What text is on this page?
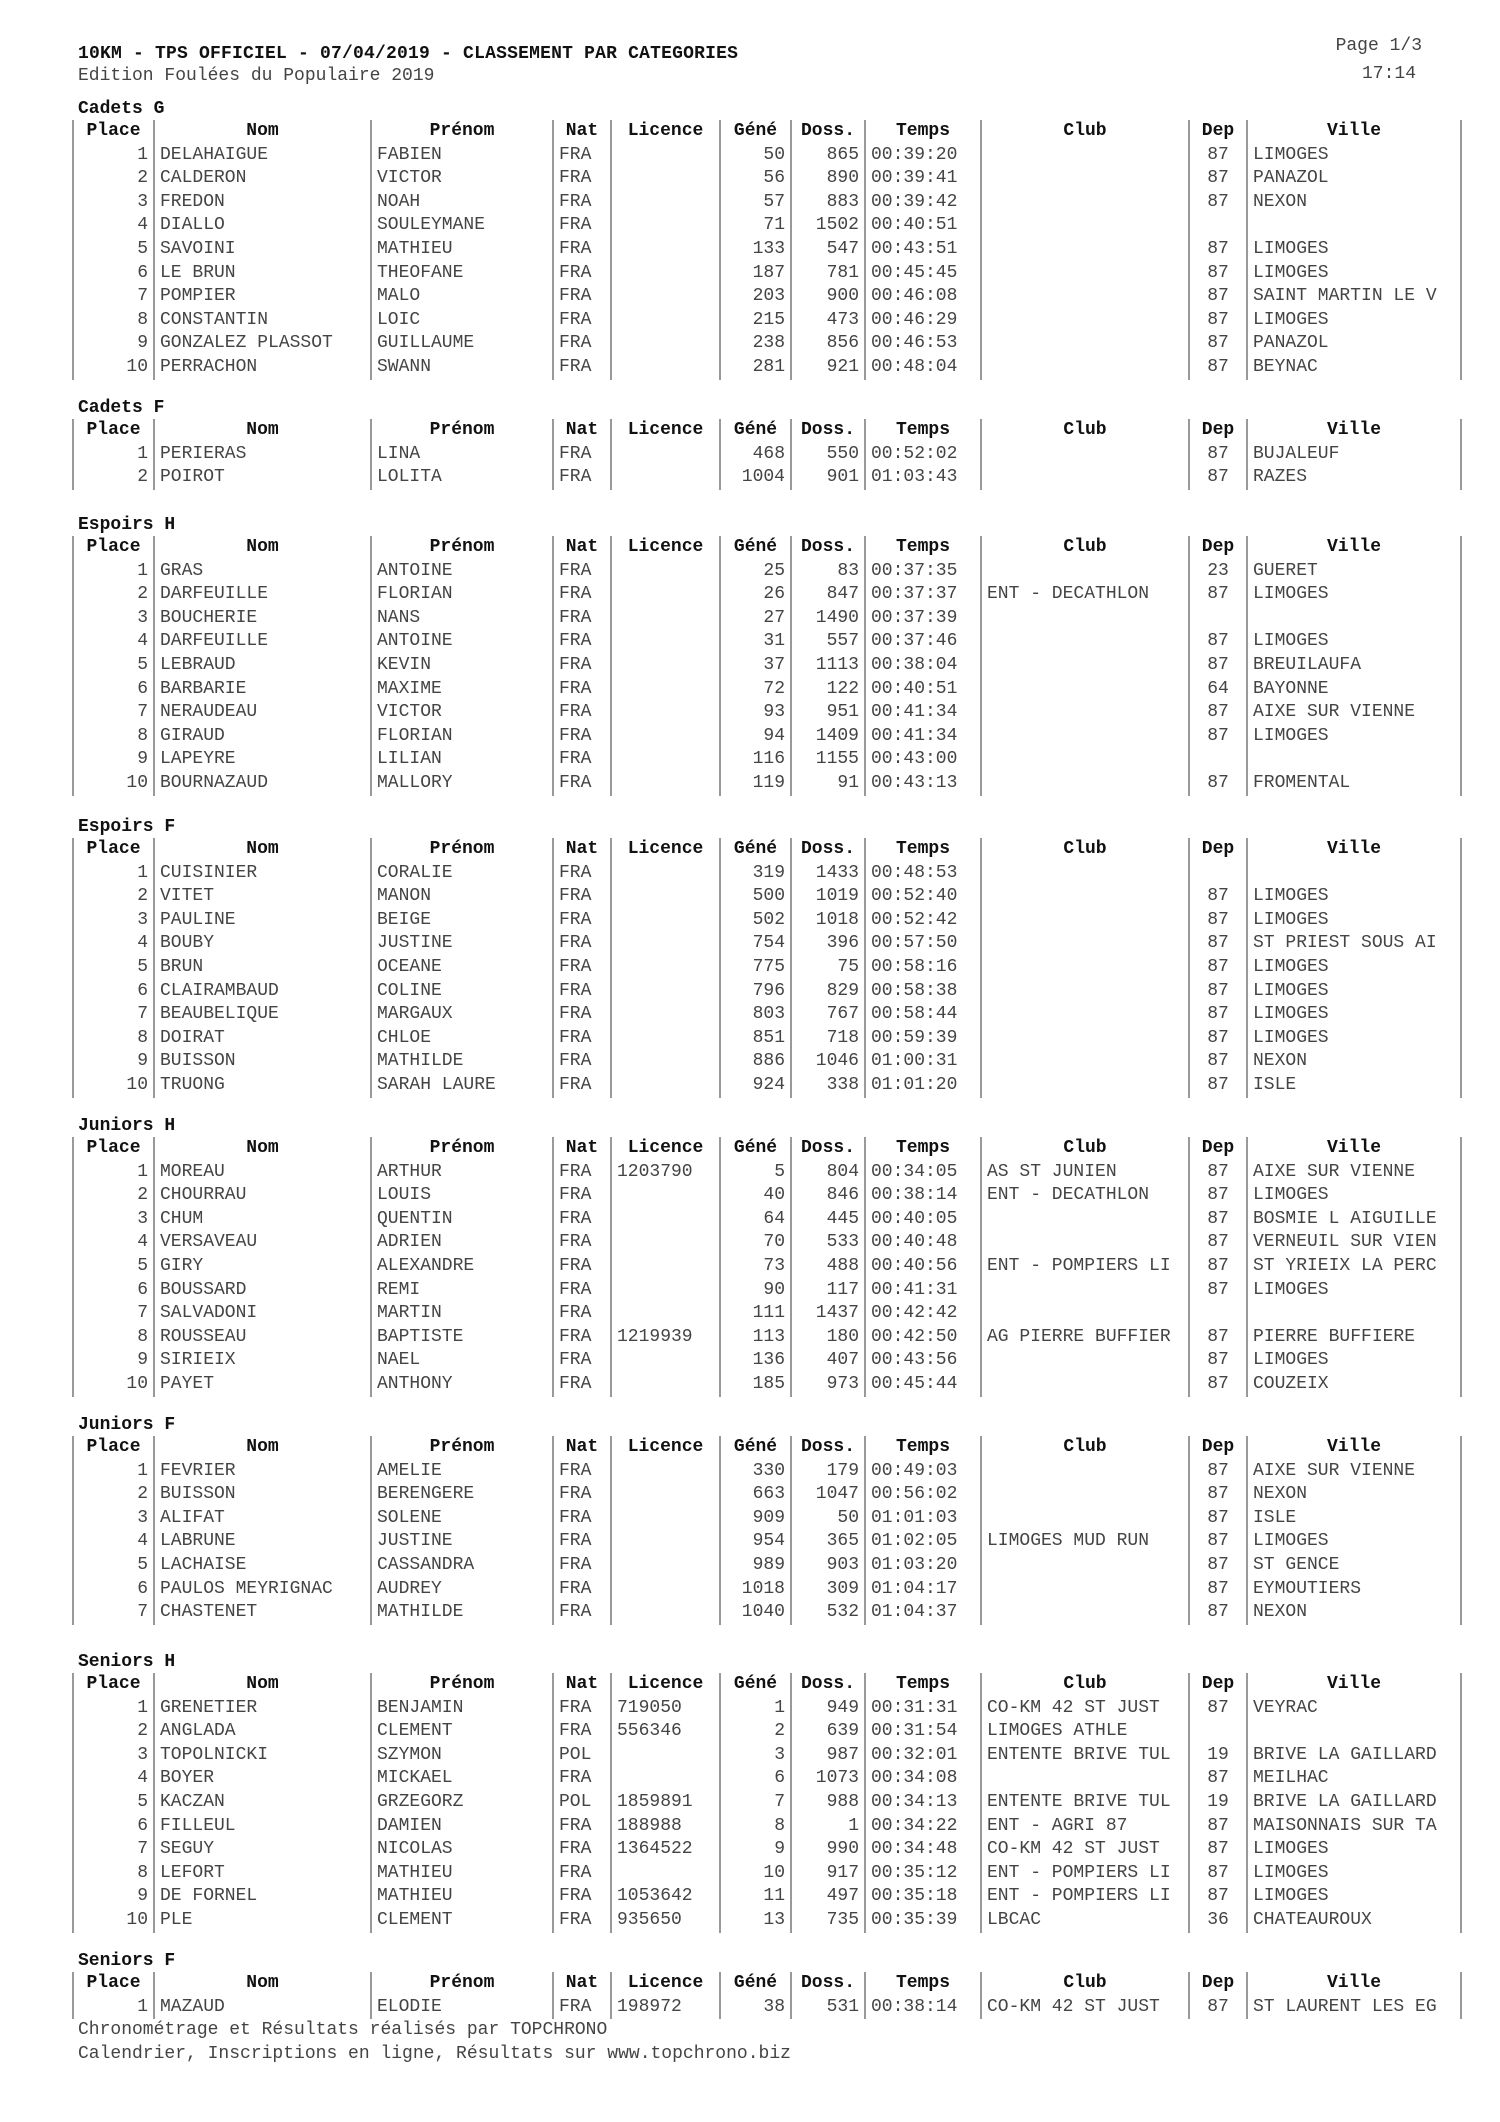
10KM - TPS OFFICIEL - 07/04/2019 - CLASSEMENT PAR CATEGORIES
Edition Foulées du Populaire 2019
Page 1/3
17:14
Cadets G
Place	Nom	Prénom	Nat	Licence	Géné	Doss.	Temps	Club	Dep	Ville
1	DELAHAIGUE	FABIEN	FRA		50	865	00:39:20		87	LIMOGES
2	CALDERON	VICTOR	FRA		56	890	00:39:41		87	PANAZOL
3	FREDON	NOAH	FRA		57	883	00:39:42		87	NEXON
4	DIALLO	SOULEYMANE	FRA		71	1502	00:40:51			
5	SAVOINI	MATHIEU	FRA		133	547	00:43:51		87	LIMOGES
6	LE BRUN	THEOFANE	FRA		187	781	00:45:45		87	LIMOGES
7	POMPIER	MALO	FRA		203	900	00:46:08		87	SAINT MARTIN LE V
8	CONSTANTIN	LOIC	FRA		215	473	00:46:29		87	LIMOGES
9	GONZALEZ PLASSOT	GUILLAUME	FRA		238	856	00:46:53		87	PANAZOL
10	PERRACHON	SWANN	FRA		281	921	00:48:04		87	BEYNAC
Cadets F
Place	Nom	Prénom	Nat	Licence	Géné	Doss.	Temps	Club	Dep	Ville
1	PERIERAS	LINA	FRA		468	550	00:52:02		87	BUJALEUF
2	POIROT	LOLITA	FRA		1004	901	01:03:43		87	RAZES
Espoirs H
Place	Nom	Prénom	Nat	Licence	Géné	Doss.	Temps	Club	Dep	Ville
1	GRAS	ANTOINE	FRA		25	83	00:37:35		23	GUERET
2	DARFEUILLE	FLORIAN	FRA		26	847	00:37:37	ENT - DECATHLON	87	LIMOGES
3	BOUCHERIE	NANS	FRA		27	1490	00:37:39			
4	DARFEUILLE	ANTOINE	FRA		31	557	00:37:46		87	LIMOGES
5	LEBRAUD	KEVIN	FRA		37	1113	00:38:04		87	BREUILAUFA
6	BARBARIE	MAXIME	FRA		72	122	00:40:51		64	BAYONNE
7	NERAUDEAU	VICTOR	FRA		93	951	00:41:34		87	AIXE SUR VIENNE
8	GIRAUD	FLORIAN	FRA		94	1409	00:41:34		87	LIMOGES
9	LAPEYRE	LILIAN	FRA		116	1155	00:43:00			
10	BOURNAZAUD	MALLORY	FRA		119	91	00:43:13		87	FROMENTAL
Espoirs F
Place	Nom	Prénom	Nat	Licence	Géné	Doss.	Temps	Club	Dep	Ville
1	CUISINIER	CORALIE	FRA		319	1433	00:48:53			
2	VITET	MANON	FRA		500	1019	00:52:40		87	LIMOGES
3	PAULINE	BEIGE	FRA		502	1018	00:52:42		87	LIMOGES
4	BOUBY	JUSTINE	FRA		754	396	00:57:50		87	ST PRIEST SOUS AI
5	BRUN	OCEANE	FRA		775	75	00:58:16		87	LIMOGES
6	CLAIRAMBAUD	COLINE	FRA		796	829	00:58:38		87	LIMOGES
7	BEAUBELIQUE	MARGAUX	FRA		803	767	00:58:44		87	LIMOGES
8	DOIRAT	CHLOE	FRA		851	718	00:59:39		87	LIMOGES
9	BUISSON	MATHILDE	FRA		886	1046	01:00:31		87	NEXON
10	TRUONG	SARAH LAURE	FRA		924	338	01:01:20		87	ISLE
Juniors H
Place	Nom	Prénom	Nat	Licence	Géné	Doss.	Temps	Club	Dep	Ville
1	MOREAU	ARTHUR	FRA	1203790	5	804	00:34:05	AS ST JUNIEN	87	AIXE SUR VIENNE
2	CHOURRAU	LOUIS	FRA		40	846	00:38:14	ENT - DECATHLON	87	LIMOGES
3	CHUM	QUENTIN	FRA		64	445	00:40:05		87	BOSMIE L AIGUILLE
4	VERSAVEAU	ADRIEN	FRA		70	533	00:40:48		87	VERNEUIL SUR VIEN
5	GIRY	ALEXANDRE	FRA		73	488	00:40:56	ENT - POMPIERS LI	87	ST YRIEIX LA PERC
6	BOUSSARD	REMI	FRA		90	117	00:41:31		87	LIMOGES
7	SALVADONI	MARTIN	FRA		111	1437	00:42:42			
8	ROUSSEAU	BAPTISTE	FRA	1219939	113	180	00:42:50	AG PIERRE BUFFIER	87	PIERRE BUFFIERE
9	SIRIEIX	NAEL	FRA		136	407	00:43:56		87	LIMOGES
10	PAYET	ANTHONY	FRA		185	973	00:45:44		87	COUZEIX
Juniors F
Place	Nom	Prénom	Nat	Licence	Géné	Doss.	Temps	Club	Dep	Ville
1	FEVRIER	AMELIE	FRA		330	179	00:49:03		87	AIXE SUR VIENNE
2	BUISSON	BERENGERE	FRA		663	1047	00:56:02		87	NEXON
3	ALIFAT	SOLENE	FRA		909	50	01:01:03		87	ISLE
4	LABRUNE	JUSTINE	FRA		954	365	01:02:05	LIMOGES MUD RUN	87	LIMOGES
5	LACHAISE	CASSANDRA	FRA		989	903	01:03:20		87	ST GENCE
6	PAULOS MEYRIGNAC	AUDREY	FRA		1018	309	01:04:17		87	EYMOUTIERS
7	CHASTENET	MATHILDE	FRA		1040	532	01:04:37		87	NEXON
Seniors H
Place	Nom	Prénom	Nat	Licence	Géné	Doss.	Temps	Club	Dep	Ville
1	GRENETIER	BENJAMIN	FRA	719050	1	949	00:31:31	CO-KM 42 ST JUST	87	VEYRAC
2	ANGLADA	CLEMENT	FRA	556346	2	639	00:31:54	LIMOGES ATHLE		
3	TOPOLNICKI	SZYMON	POL		3	987	00:32:01	ENTENTE BRIVE TUL	19	BRIVE LA GAILLARD
4	BOYER	MICKAEL	FRA		6	1073	00:34:08		87	MEILHAC
5	KACZAN	GRZEGORZ	POL	1859891	7	988	00:34:13	ENTENTE BRIVE TUL	19	BRIVE LA GAILLARD
6	FILLEUL	DAMIEN	FRA	188988	8	1	00:34:22	ENT - AGRI 87	87	MAISONNAIS SUR TA
7	SEGUY	NICOLAS	FRA	1364522	9	990	00:34:48	CO-KM 42 ST JUST	87	LIMOGES
8	LEFORT	MATHIEU	FRA		10	917	00:35:12	ENT - POMPIERS LI	87	LIMOGES
9	DE FORNEL	MATHIEU	FRA	1053642	11	497	00:35:18	ENT - POMPIERS LI	87	LIMOGES
10	PLE	CLEMENT	FRA	935650	13	735	00:35:39	LBCAC	36	CHATEAUROUX
Seniors F
Place	Nom	Prénom	Nat	Licence	Géné	Doss.	Temps	Club	Dep	Ville
1	MAZAUD	ELODIE	FRA	198972	38	531	00:38:14	CO-KM 42 ST JUST	87	ST LAURENT LES EG
Chronométrage et Résultats réalisés par TOPCHRONO
Calendrier, Inscriptions en ligne, Résultats sur www.topchrono.biz
